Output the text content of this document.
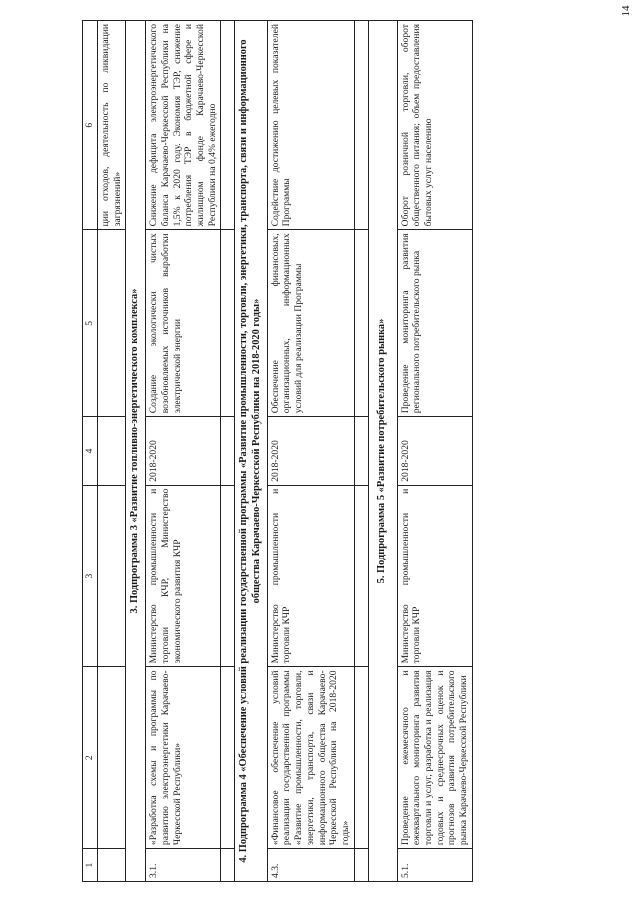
14
1	2	3	4	5	6
					ции отходов, деятельность по ликвидации загрязнений»
3. Подпрограмма 3 «Развитие топливно-энергетического комплекса»					
3.1.	«Разработка схемы и программы по развитию электроэнергетики Карачаево-Черкесской Республики»	Министерство промышленности и торговли КЧР, Министерство экономического развития КЧР	2018-2020	Создание экологически чистых возобновляемых источников выработки электрической энергии	Снижение дефицита электроэнергетического баланса Карачаево-Черкесской Республики на 1,5% к 2020 году. Экономия ТЭР, снижение потребления ТЭР в бюджетной сфере и жилищном фонде Карачаево-Черкесской Республики на 0,4% ежегодно

4. Подпрограмма 4 «Обеспечение условий реализации государственной программы «Развитие промышленности, торговли, энергетики, транспорта, связи и информационного общества Карачаево-Черкесской Республики на 2018-2020 годы»					
4.3.	«Финансовое обеспечение условий реализации государственной программы «Развитие промышленности, торговли, энергетики, транспорта, связи и информационного общества Карачаево-Черкесской Республики на 2018-2020 годы»	Министерство промышленности и торговли КЧР	2018-2020	Обеспечение финансовых, организационных, информационных условий для реализации Программы	Содействие достижению целевых показателей Программы

5. Подпрограмма 5 «Развитие потребительского рынка»					
5.1.	Проведение ежемесячного и ежеквартального мониторинга развития торговли и услуг, разработка и реализация годовых и среднесрочных оценок и прогнозов развития потребительского рынка Карачаево-Черкесской Республики	Министерство промышленности и торговли КЧР	2018-2020	Проведение мониторинга развития регионального потребительского рынка	Оборот розничной торговли, оборот общественного питания; объем предоставления бытовых услуг населению
